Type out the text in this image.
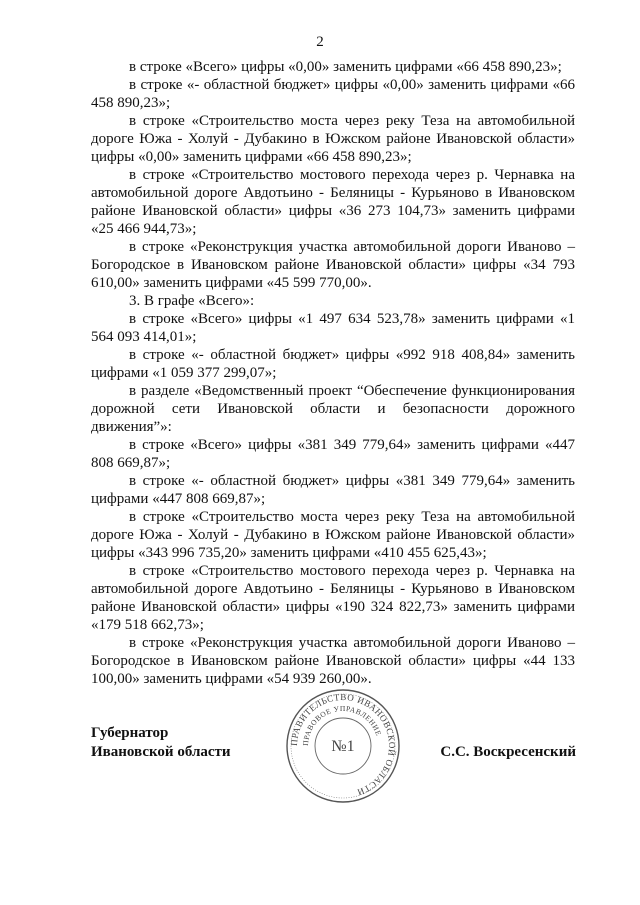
2

в строке «Всего» цифры «0,00» заменить цифрами «66 458 890,23»;

в строке «- областной бюджет» цифры «0,00» заменить цифрами «66 458 890,23»;

в строке «Строительство моста через реку Теза на автомобильной дороге Южа - Холуй - Дубакино в Южском районе Ивановской области» цифры «0,00» заменить цифрами «66 458 890,23»;

в строке «Строительство мостового перехода через р. Чернавка на автомобильной дороге Авдотьино - Беляницы - Курьяново в Ивановском районе Ивановской области» цифры «36 273 104,73» заменить цифрами «25 466 944,73»;

в строке «Реконструкция участка автомобильной дороги Иваново – Богородское в Ивановском районе Ивановской области» цифры «34 793 610,00» заменить цифрами «45 599 770,00».

3. В графе «Всего»:

в строке «Всего» цифры «1 497 634 523,78» заменить цифрами «1 564 093 414,01»;

в строке «- областной бюджет» цифры «992 918 408,84» заменить цифрами «1 059 377 299,07»;

в разделе «Ведомственный проект “Обеспечение функционирования дорожной сети Ивановской области и безопасности дорожного движения”»:

в строке «Всего» цифры «381 349 779,64» заменить цифрами «447 808 669,87»;

в строке «- областной бюджет» цифры «381 349 779,64» заменить цифрами «447 808 669,87»;

в строке «Строительство моста через реку Теза на автомобильной дороге Южа - Холуй - Дубакино в Южском районе Ивановской области» цифры «343 996 735,20» заменить цифрами «410 455 625,43»;

в строке «Строительство мостового перехода через р. Чернавка на автомобильной дороге Авдотьино - Беляницы - Курьяново в Ивановском районе Ивановской области» цифры «190 324 822,73» заменить цифрами «179 518 662,73»;

в строке «Реконструкция участка автомобильной дороги Иваново – Богородское в Ивановском районе Ивановской области» цифры «44 133 100,00» заменить цифрами «54 939 260,00».

Губернатор
Ивановской области
ПРАВИТЕЛЬСТВО ИВАНОВСКОЙ ОБЛАСТИ
ПРАВОВОЕ УПРАВЛЕНИЕ
№1	С.С. Воскресенский
